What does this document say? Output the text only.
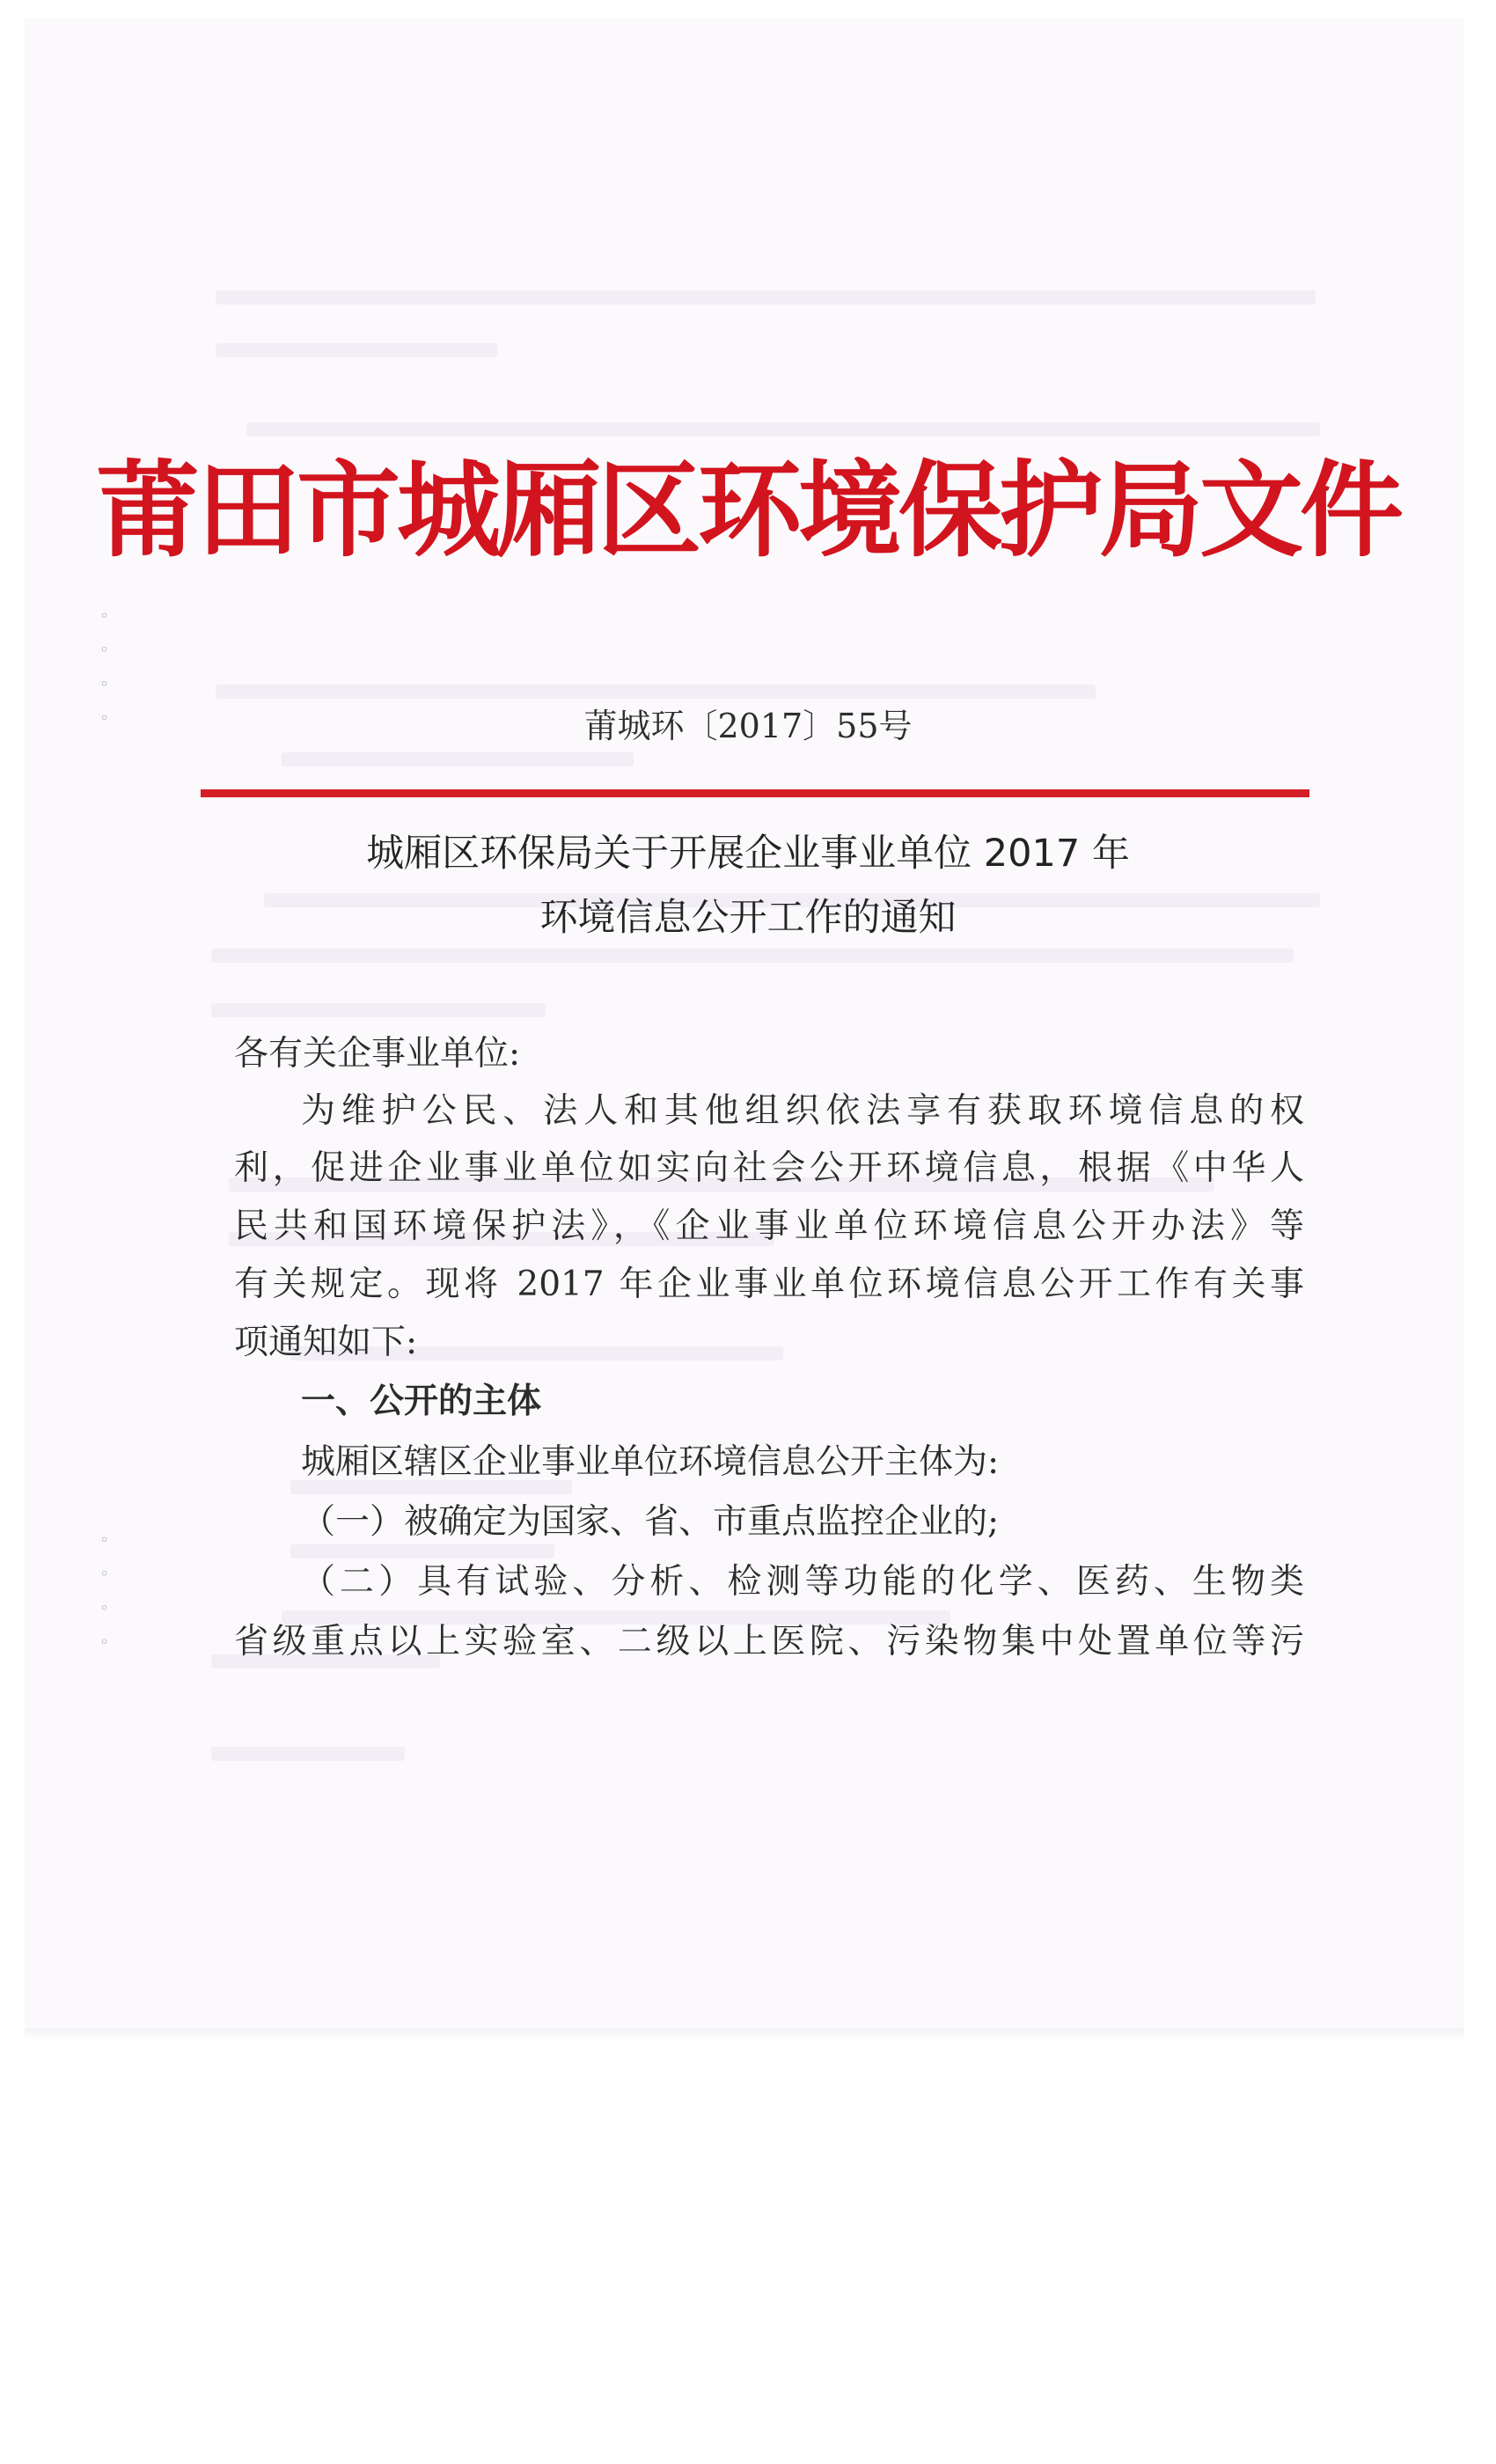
◦ ◦ ◦ ◦
◦ ◦ ◦ ◦
莆田市城厢区环境保护局文件
莆城环〔2017〕55号
城厢区环保局关于开展企业事业单位 2017 年
环境信息公开工作的通知
各有关企事业单位:
为维护公民、法人和其他组织依法享有获取环境信息的权
利，促进企业事业单位如实向社会公开环境信息，根据《中华人
民共和国环境保护法》，《企业事业单位环境信息公开办法》等
有关规定。现将 2017 年企业事业单位环境信息公开工作有关事
项通知如下:
一、公开的主体
城厢区辖区企业事业单位环境信息公开主体为:
（一）被确定为国家、省、市重点监控企业的;
（二）具有试验、分析、检测等功能的化学、医药、生物类
省级重点以上实验室、二级以上医院、污染物集中处置单位等污
